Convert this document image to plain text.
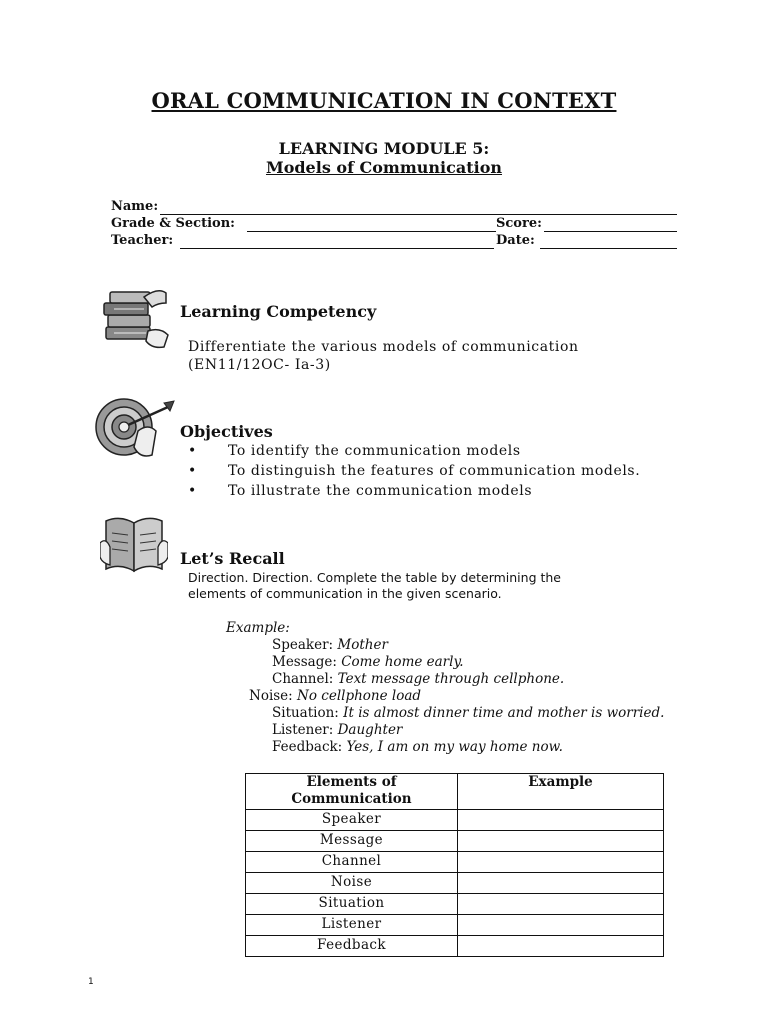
ORAL COMMUNICATION IN CONTEXT
LEARNING MODULE 5:
Models of Communication
Name:
Grade & Section:	Score:
Teacher:	Date:
Learning Competency
Differentiate the various models of communication
(EN11/12OC- Ia-3)
Objectives
• To identify the communication models
• To distinguish the features of communication models.
• To illustrate the communication models
Let’s Recall
Direction. Direction. Complete the table by determining the
elements of communication in the given scenario.
Example:
Speaker: Mother
Message: Come home early.
Channel: Text message through cellphone.
Noise: No cellphone load
Situation: It is almost dinner time and mother is worried.
Listener: Daughter
Feedback: Yes, I am on my way home now.
Elements of
Communication	Example
Speaker	
Message	
Channel	
Noise	
Situation	
Listener	
Feedback	
1
